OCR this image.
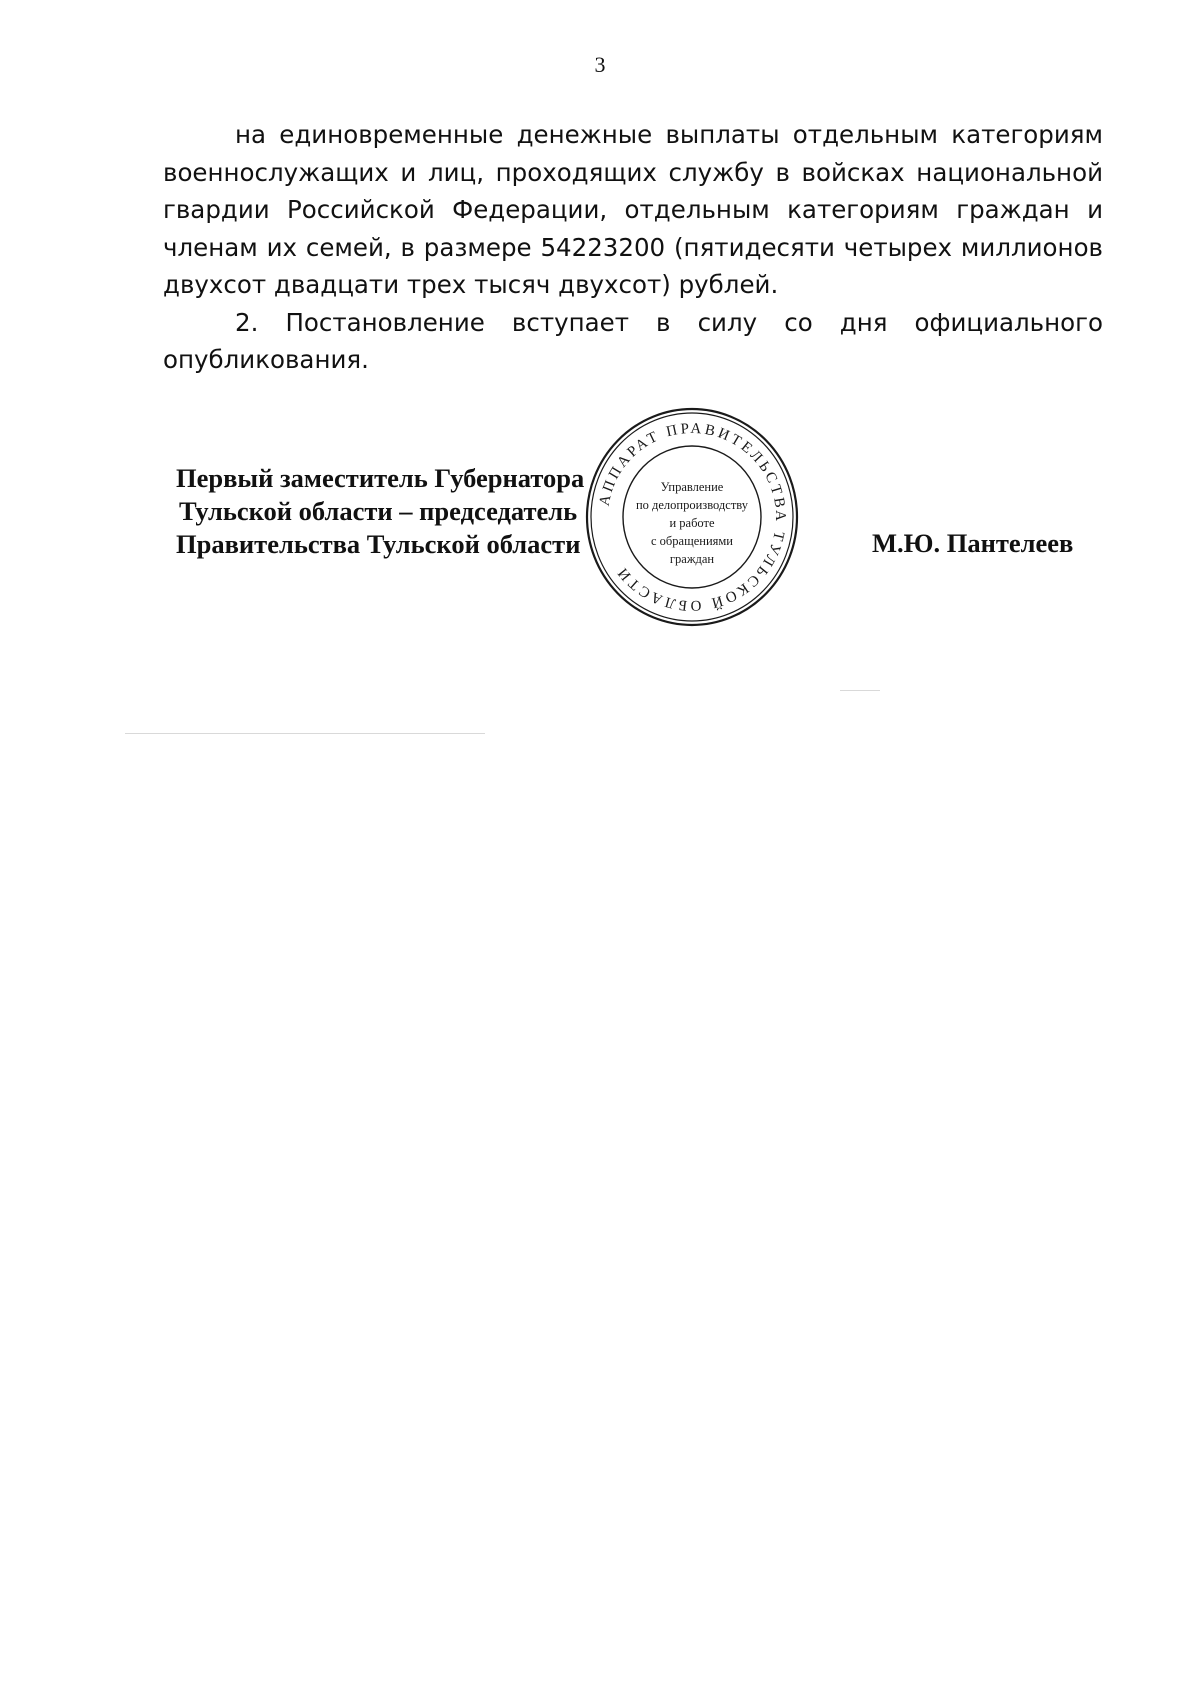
3

на единовременные денежные выплаты отдельным категориям военнослужащих и лиц, проходящих службу в войсках национальной гвардии Российской Федерации, отдельным категориям граждан и членам их семей, в размере 54223200 (пятидесяти четырех миллионов двухсот двадцати трех тысяч двухсот) рублей.

2. Постановление вступает в силу со дня официального опубликования.

Первый заместитель Губернатора
Тульской области – председатель
Правительства Тульской области	М.Ю. Пантелеев
АППАРАТ ПРАВИТЕЛЬСТВА ТУЛЬСКОЙ ОБЛАСТИ
Управление
по делопроизводству
и работе
с обращениями
граждан
